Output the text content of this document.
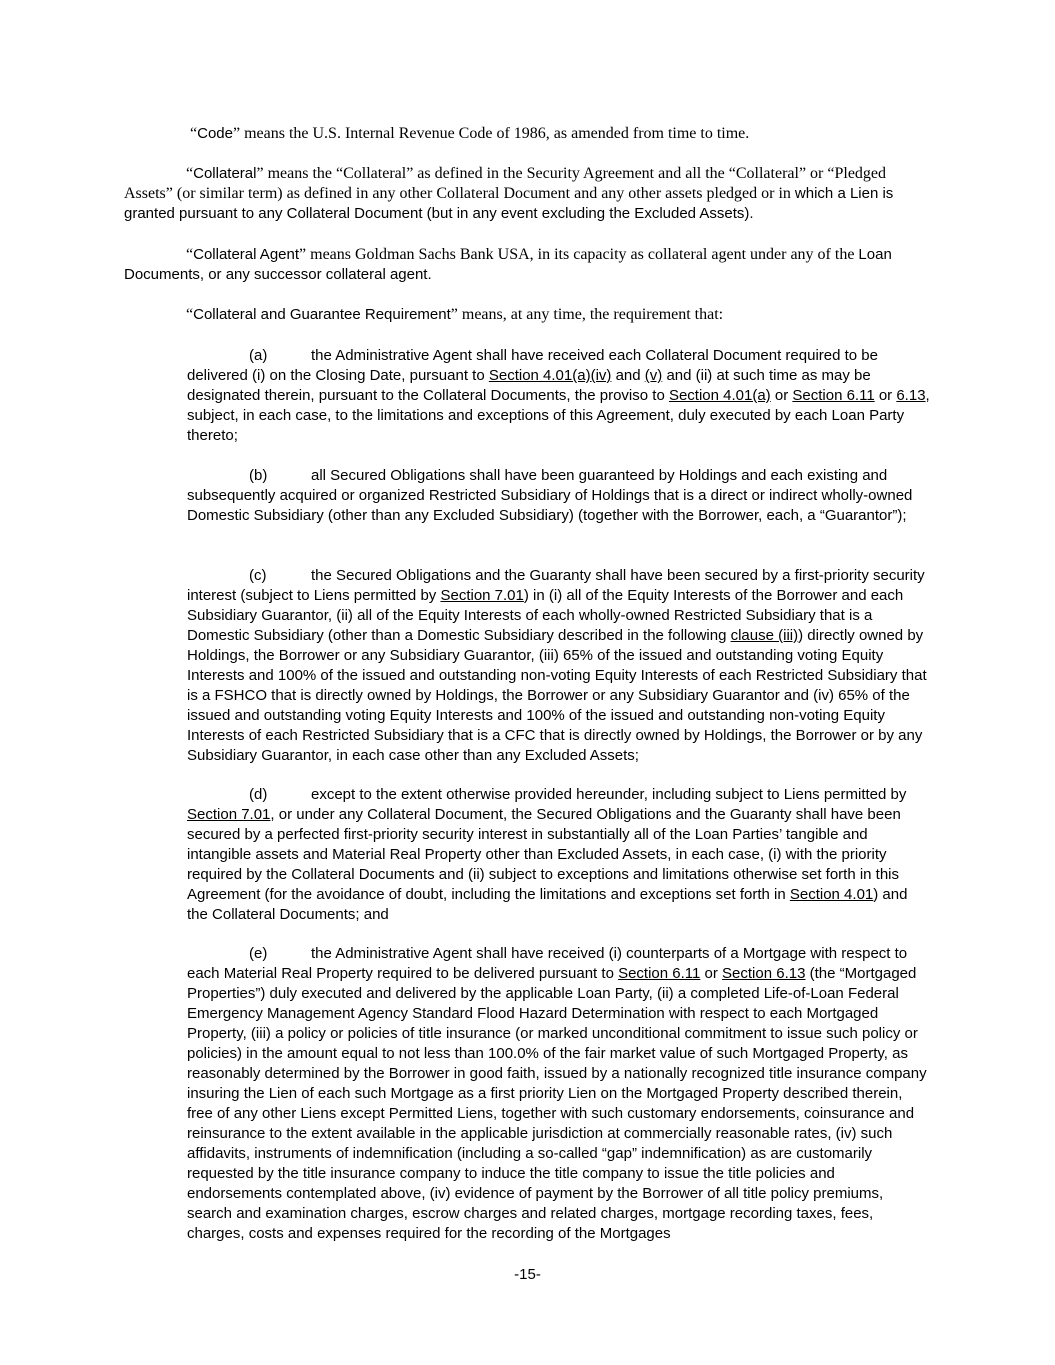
“Code” means the U.S. Internal Revenue Code of 1986, as amended from time to time.

“Collateral” means the “Collateral” as defined in the Security Agreement and all the “Collateral” or “Pledged Assets” (or similar term) as defined in any other Collateral Document and any other assets pledged or in which a Lien is granted pursuant to any Collateral Document (but in any event excluding the Excluded Assets).

“Collateral Agent” means Goldman Sachs Bank USA, in its capacity as collateral agent under any of the Loan Documents, or any successor collateral agent.

“Collateral and Guarantee Requirement” means, at any time, the requirement that:

(a)	the Administrative Agent shall have received each Collateral Document required to be delivered (i) on the Closing Date, pursuant to Section 4.01(a)(iv) and (v) and (ii) at such time as may be designated therein, pursuant to the Collateral Documents, the proviso to Section 4.01(a) or Section 6.11 or 6.13, subject, in each case, to the limitations and exceptions of this Agreement, duly executed by each Loan Party thereto;

(b)	all Secured Obligations shall have been guaranteed by Holdings and each existing and subsequently acquired or organized Restricted Subsidiary of Holdings that is a direct or indirect wholly-owned Domestic Subsidiary (other than any Excluded Subsidiary) (together with the Borrower, each, a “Guarantor”);

(c)	the Secured Obligations and the Guaranty shall have been secured by a first-priority security interest (subject to Liens permitted by Section 7.01) in (i) all of the Equity Interests of the Borrower and each Subsidiary Guarantor, (ii) all of the Equity Interests of each wholly-owned Restricted Subsidiary that is a Domestic Subsidiary (other than a Domestic Subsidiary described in the following clause (iii)) directly owned by Holdings, the Borrower or any Subsidiary Guarantor, (iii) 65% of the issued and outstanding voting Equity Interests and 100% of the issued and outstanding non-voting Equity Interests of each Restricted Subsidiary that is a FSHCO that is directly owned by Holdings, the Borrower or any Subsidiary Guarantor and (iv) 65% of the issued and outstanding voting Equity Interests and 100% of the issued and outstanding non-voting Equity Interests of each Restricted Subsidiary that is a CFC that is directly owned by Holdings, the Borrower or by any Subsidiary Guarantor, in each case other than any Excluded Assets;

(d)	except to the extent otherwise provided hereunder, including subject to Liens permitted by Section 7.01, or under any Collateral Document, the Secured Obligations and the Guaranty shall have been secured by a perfected first-priority security interest in substantially all of the Loan Parties’ tangible and intangible assets and Material Real Property other than Excluded Assets, in each case, (i) with the priority required by the Collateral Documents and (ii) subject to exceptions and limitations otherwise set forth in this Agreement (for the avoidance of doubt, including the limitations and exceptions set forth in Section 4.01) and the Collateral Documents; and

(e)	the Administrative Agent shall have received (i) counterparts of a Mortgage with respect to each Material Real Property required to be delivered pursuant to Section 6.11 or Section 6.13 (the “Mortgaged Properties”) duly executed and delivered by the applicable Loan Party, (ii) a completed Life-of-Loan Federal Emergency Management Agency Standard Flood Hazard Determination with respect to each Mortgaged Property, (iii) a policy or policies of title insurance (or marked unconditional commitment to issue such policy or policies) in the amount equal to not less than 100.0% of the fair market value of such Mortgaged Property, as reasonably determined by the Borrower in good faith, issued by a nationally recognized title insurance company insuring the Lien of each such Mortgage as a first priority Lien on the Mortgaged Property described therein, free of any other Liens except Permitted Liens, together with such customary endorsements, coinsurance and reinsurance to the extent available in the applicable jurisdiction at commercially reasonable rates, (iv) such affidavits, instruments of indemnification (including a so-called “gap” indemnification) as are customarily requested by the title insurance company to induce the title company to issue the title policies and endorsements contemplated above, (iv) evidence of payment by the Borrower of all title policy premiums, search and examination charges, escrow charges and related charges, mortgage recording taxes, fees, charges, costs and expenses required for the recording of the Mortgages

-15-
